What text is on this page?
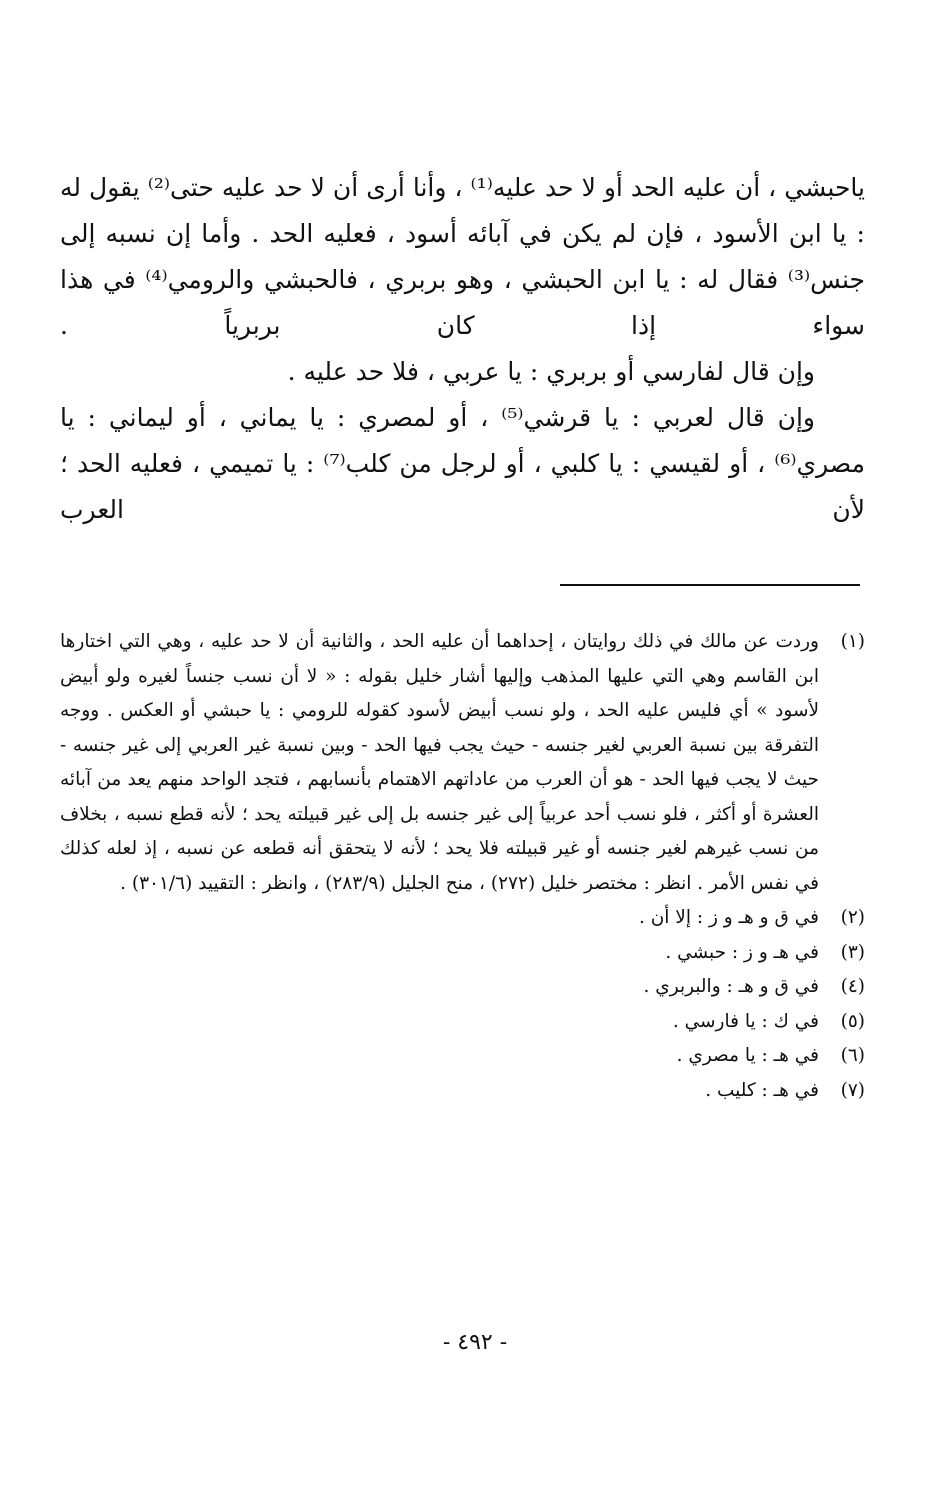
ياحبشي ، أن عليه الحد أو لا حد عليه⁽¹⁾ ، وأنا أرى أن لا حد عليه حتى⁽²⁾ يقول له : يا ابن الأسود ، فإن لم يكن في آبائه أسود ، فعليه الحد . وأما إن نسبه إلى جنس⁽³⁾ فقال له : يا ابن الحبشي ، وهو بربري ، فالحبشي والرومي⁽⁴⁾ في هذا سواء إذا كان بربرياً .

وإن قال لفارسي أو بربري : يا عربي ، فلا حد عليه .

وإن قال لعربي : يا قرشي⁽⁵⁾ ، أو لمصري : يا يماني ، أو ليماني : يا مصري⁽⁶⁾ ، أو لقيسي : يا كلبي ، أو لرجل من كلب⁽⁷⁾ : يا تميمي ، فعليه الحد ؛ لأن العرب

(١)
وردت عن مالك في ذلك روايتان ، إحداهما أن عليه الحد ، والثانية أن لا حد عليه ، وهي التي اختارها ابن القاسم وهي التي عليها المذهب وإليها أشار خليل بقوله : « لا أن نسب جنساً لغيره ولو أبيض لأسود » أي فليس عليه الحد ، ولو نسب أبيض لأسود كقوله للرومي : يا حبشي أو العكس . ووجه التفرقة بين نسبة العربي لغير جنسه - حيث يجب فيها الحد - وبين نسبة غير العربي إلى غير جنسه - حيث لا يجب فيها الحد - هو أن العرب من عاداتهم الاهتمام بأنسابهم ، فتجد الواحد منهم يعد من آبائه العشرة أو أكثر ، فلو نسب أحد عربياً إلى غير جنسه بل إلى غير قبيلته يحد ؛ لأنه قطع نسبه ، بخلاف من نسب غيرهم لغير جنسه أو غير قبيلته فلا يحد ؛ لأنه لا يتحقق أنه قطعه عن نسبه ، إذ لعله كذلك في نفس الأمر . انظر : مختصر خليل (٢٧٢) ، منح الجليل (٢٨٣/٩) ، وانظر : التقييد (٣٠١/٦) .
(٢)
في ق و هـ و ز : إلا أن .
(٣)
في هـ و ز : حبشي .
(٤)
في ق و هـ : والبربري .
(٥)
في ك : يا فارسي .
(٦)
في هـ : يا مصري .
(٧)
في هـ : كليب .
- ٤٩٢ -
